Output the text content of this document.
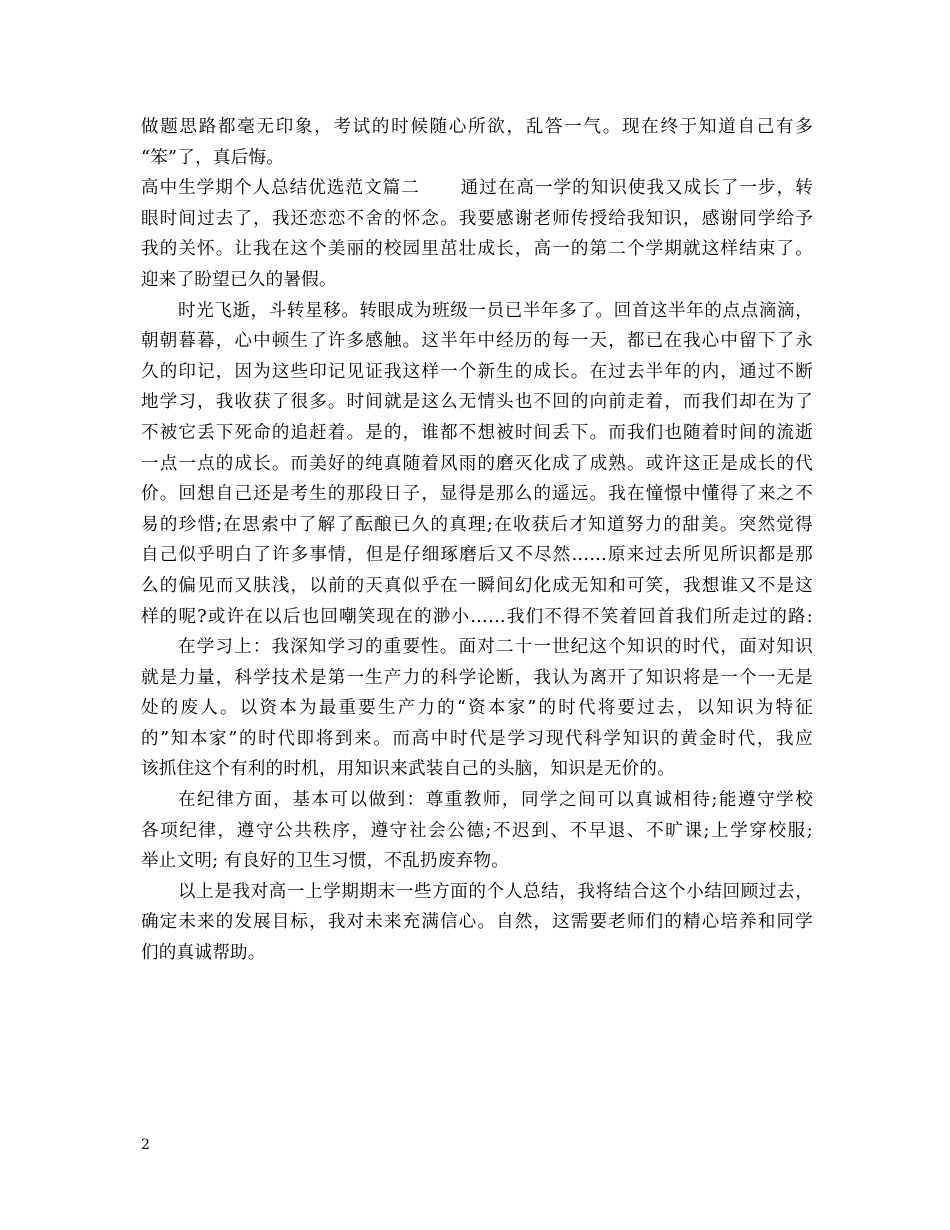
做题思路都毫无印象，考试的时候随心所欲，乱答一气。现在终于知道自己有多
“笨”了，真后悔。
高中生学期个人总结优选范文篇二 通过在高一学的知识使我又成长了一步，转
眼时间过去了，我还恋恋不舍的怀念。我要感谢老师传授给我知识，感谢同学给予
我的关怀。让我在这个美丽的校园里茁壮成长，高一的第二个学期就这样结束了。
迎来了盼望已久的暑假。
时光飞逝，斗转星移。转眼成为班级一员已半年多了。回首这半年的点点滴滴，
朝朝暮暮，心中顿生了许多感触。这半年中经历的每一天，都已在我心中留下了永
久的印记，因为这些印记见证我这样一个新生的成长。在过去半年的内，通过不断
地学习，我收获了很多。时间就是这么无情头也不回的向前走着，而我们却在为了
不被它丢下死命的追赶着。是的，谁都不想被时间丢下。而我们也随着时间的流逝
一点一点的成长。而美好的纯真随着风雨的磨灭化成了成熟。或许这正是成长的代
价。回想自己还是考生的那段日子，显得是那么的遥远。我在憧憬中懂得了来之不
易的珍惜;在思索中了解了酝酿已久的真理;在收获后才知道努力的甜美。突然觉得
自己似乎明白了许多事情，但是仔细琢磨后又不尽然……原来过去所见所识都是那
么的偏见而又肤浅，以前的天真似乎在一瞬间幻化成无知和可笑，我想谁又不是这
样的呢?或许在以后也回嘲笑现在的渺小……我们不得不笑着回首我们所走过的路:
在学习上：我深知学习的重要性。面对二十一世纪这个知识的时代，面对知识
就是力量，科学技术是第一生产力的科学论断，我认为离开了知识将是一个一无是
处的废人。以资本为最重要生产力的“资本家”的时代将要过去，以知识为特征
的”知本家”的时代即将到来。而高中时代是学习现代科学知识的黄金时代，我应
该抓住这个有利的时机，用知识来武装自己的头脑，知识是无价的。
在纪律方面，基本可以做到：尊重教师，同学之间可以真诚相待;能遵守学校
各项纪律，遵守公共秩序，遵守社会公德;不迟到、不早退、不旷课;上学穿校服;
举止文明; 有良好的卫生习惯，不乱扔废弃物。
以上是我对高一上学期期末一些方面的个人总结，我将结合这个小结回顾过去，
确定未来的发展目标，我对未来充满信心。自然，这需要老师们的精心培养和同学
们的真诚帮助。
2
